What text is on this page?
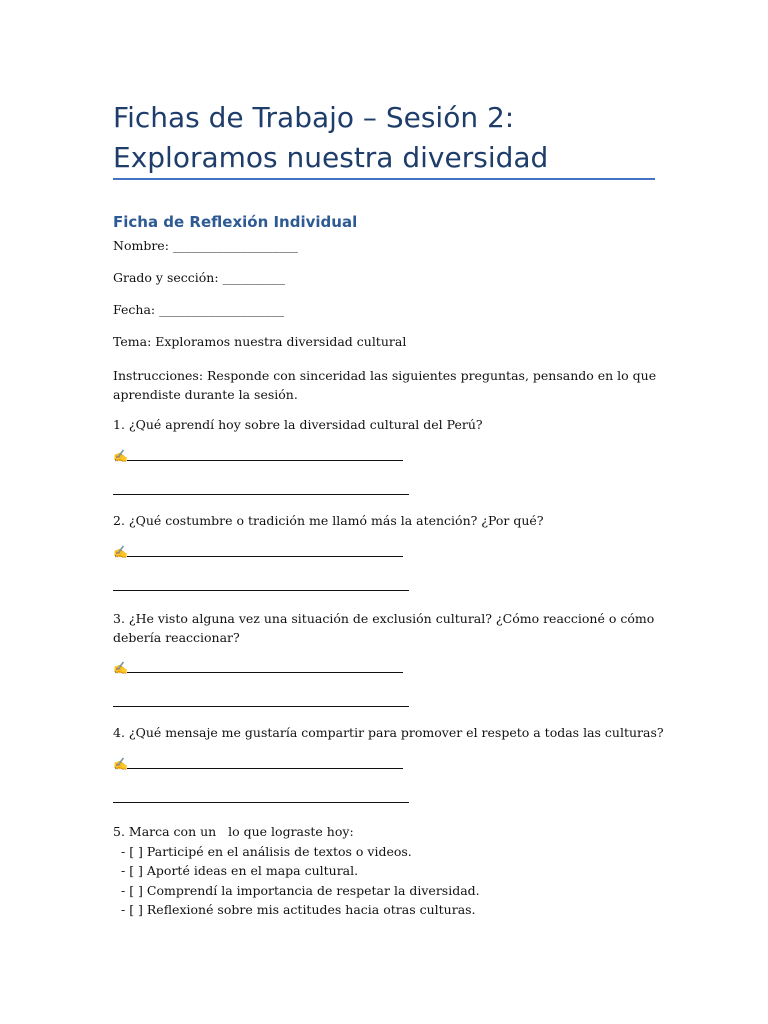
Fichas de Trabajo – Sesión 2:
Exploramos nuestra diversidad
Ficha de Reflexión Individual
Nombre: ____________________
Grado y sección: __________
Fecha: ____________________
Tema: Exploramos nuestra diversidad cultural
Instrucciones: Responde con sinceridad las siguientes preguntas, pensando en lo que aprendiste durante la sesión.
1. ¿Qué aprendí hoy sobre la diversidad cultural del Perú?
✍
2. ¿Qué costumbre o tradición me llamó más la atención? ¿Por qué?
✍
3. ¿He visto alguna vez una situación de exclusión cultural? ¿Cómo reaccioné o cómo debería reaccionar?
✍
4. ¿Qué mensaje me gustaría compartir para promover el respeto a todas las culturas?
✍
5. Marca con un   lo que lograste hoy:
- [ ] Participé en el análisis de textos o videos.
- [ ] Aporté ideas en el mapa cultural.
- [ ] Comprendí la importancia de respetar la diversidad.
- [ ] Reflexioné sobre mis actitudes hacia otras culturas.
